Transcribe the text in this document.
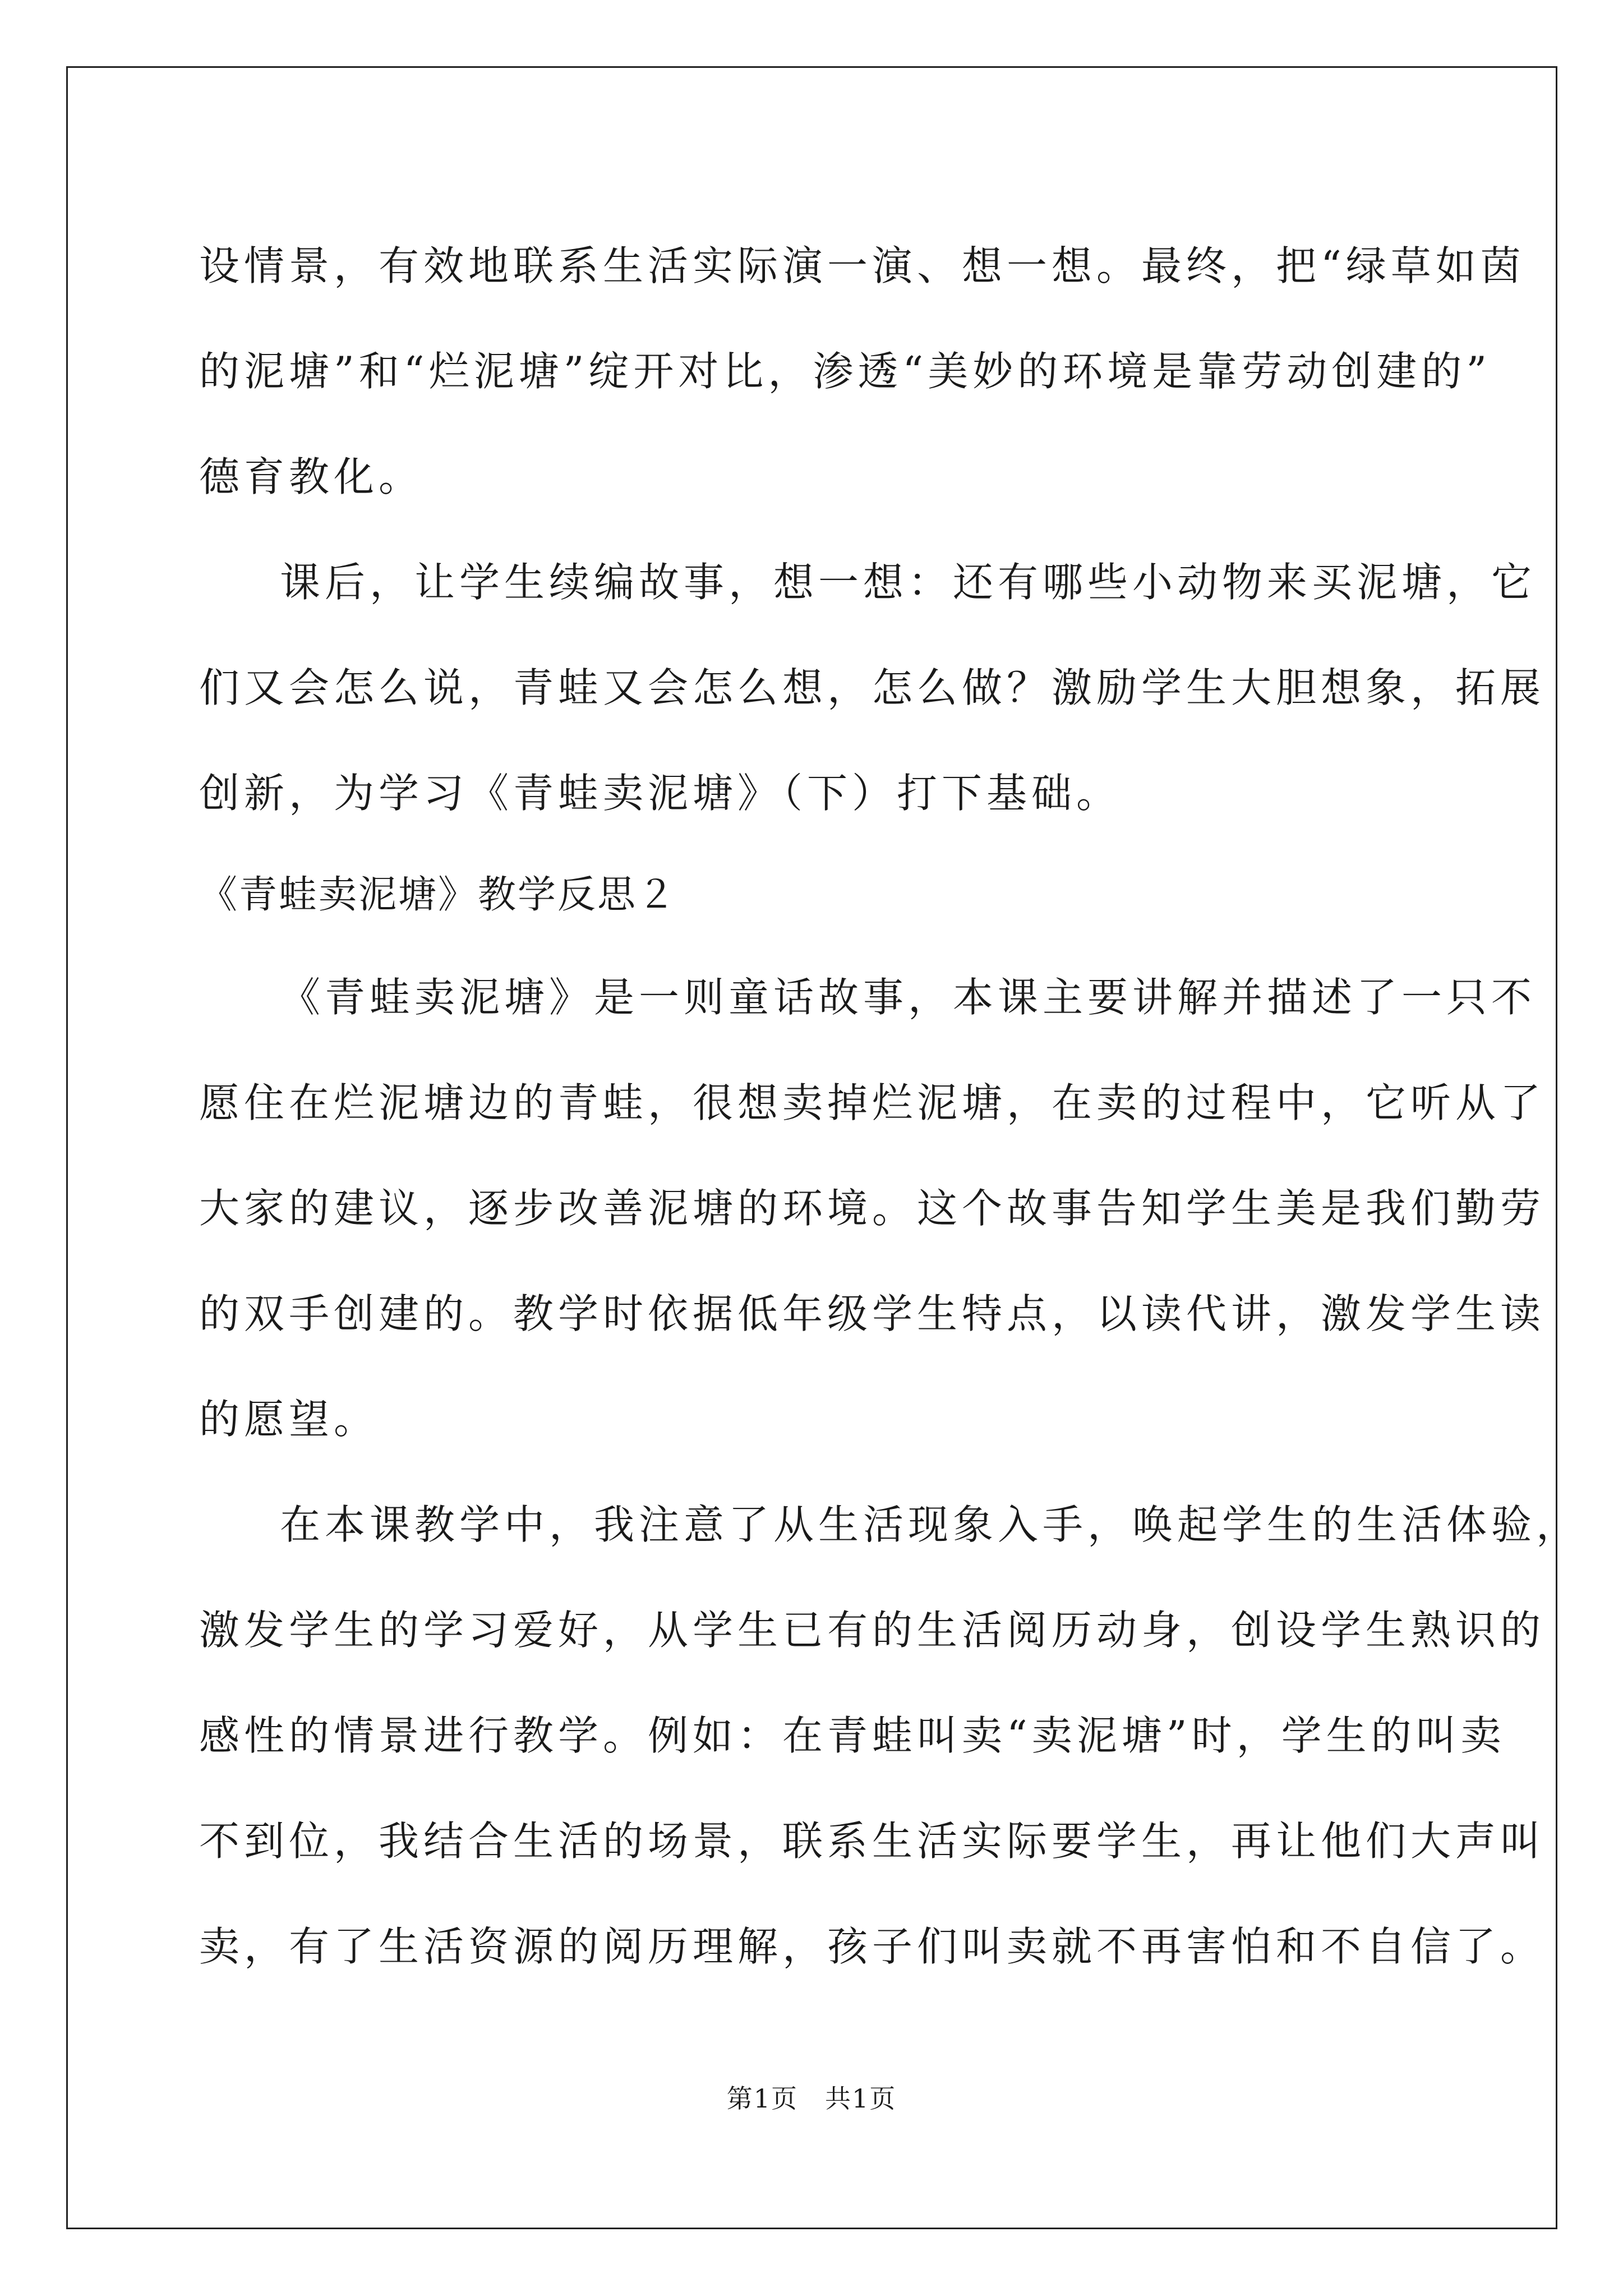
设情景，有效地联系生活实际演一演、想一想。最终，把“绿草如茵
的泥塘”和“烂泥塘”绽开对比，渗透“美妙的环境是靠劳动创建的”
德育教化。
课后，让学生续编故事，想一想：还有哪些小动物来买泥塘，它
们又会怎么说，青蛙又会怎么想，怎么做？激励学生大胆想象，拓展
创新，为学习《青蛙卖泥塘》（下）打下基础。
《青蛙卖泥塘》教学反思２
《青蛙卖泥塘》是一则童话故事，本课主要讲解并描述了一只不
愿住在烂泥塘边的青蛙，很想卖掉烂泥塘，在卖的过程中，它听从了
大家的建议，逐步改善泥塘的环境。这个故事告知学生美是我们勤劳
的双手创建的。教学时依据低年级学生特点，以读代讲，激发学生读
的愿望。
在本课教学中，我注意了从生活现象入手，唤起学生的生活体验，
激发学生的学习爱好，从学生已有的生活阅历动身，创设学生熟识的
感性的情景进行教学。例如：在青蛙叫卖“卖泥塘”时，学生的叫卖
不到位，我结合生活的场景，联系生活实际要学生，再让他们大声叫
卖，有了生活资源的阅历理解，孩子们叫卖就不再害怕和不自信了。
第1页　共1页
